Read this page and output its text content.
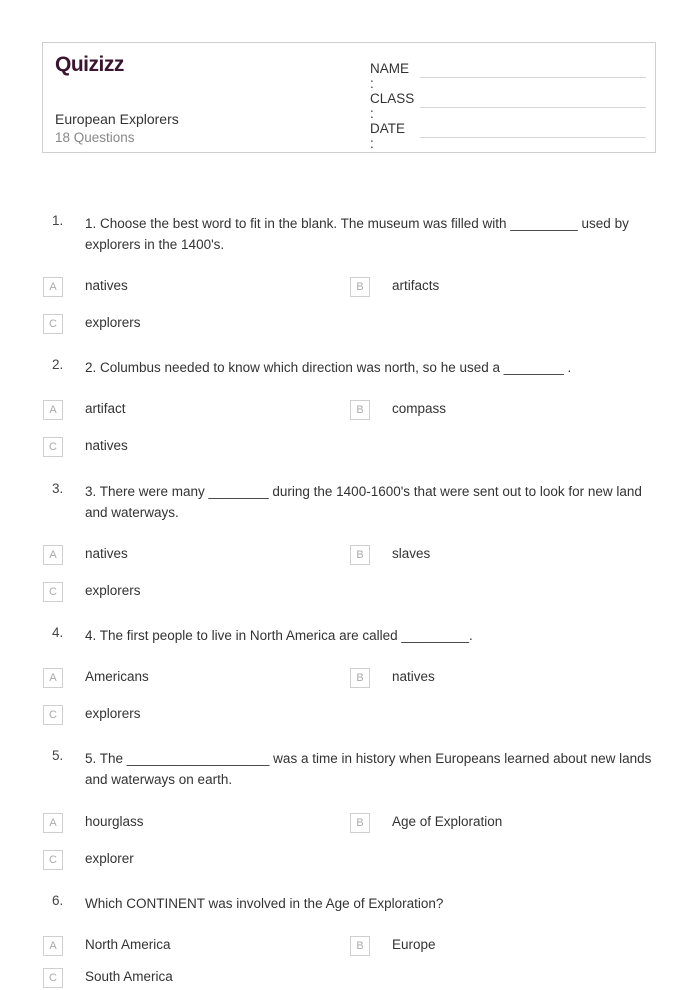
Quizizz
European Explorers
18 Questions
NAME :
CLASS :
DATE :
1. 1. Choose the best word to fit in the blank. The museum was filled with _________ used by explorers in the 1400's.
A	natives	B	artifacts
C	explorers
2. 2. Columbus needed to know which direction was north, so he used a ________ .
A	artifact	B	compass
C	natives
3. 3. There were many ________ during the 1400-1600's that were sent out to look for new land and waterways.
A	natives	B	slaves
C	explorers
4. 4. The first people to live in North America are called _________.
A	Americans	B	natives
C	explorers
5. 5. The ___________________ was a time in history when Europeans learned about new lands and waterways on earth.
A	hourglass	B	Age of Exploration
C	explorer
6. Which CONTINENT was involved in the Age of Exploration?
A	North America	B	Europe
C	South America
